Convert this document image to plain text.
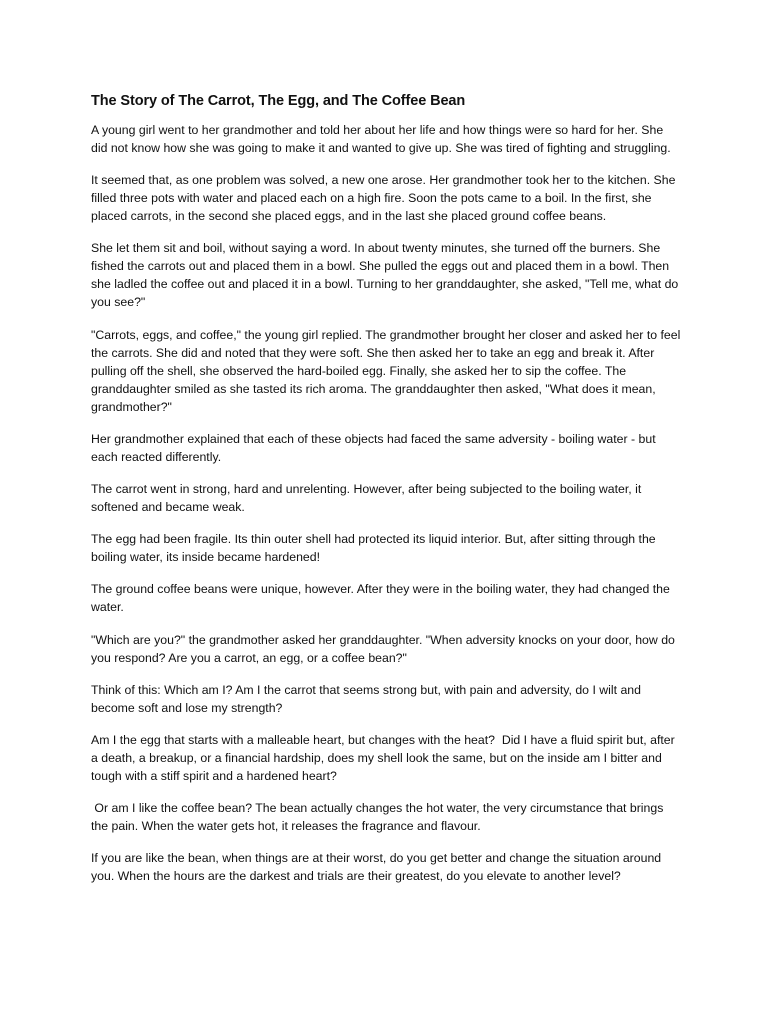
The Story of The Carrot, The Egg, and The Coffee Bean

A young girl went to her grandmother and told her about her life and how things were so hard for her. She did not know how she was going to make it and wanted to give up. She was tired of fighting and struggling.

It seemed that, as one problem was solved, a new one arose. Her grandmother took her to the kitchen. She filled three pots with water and placed each on a high fire. Soon the pots came to a boil. In the first, she placed carrots, in the second she placed eggs, and in the last she placed ground coffee beans.

She let them sit and boil, without saying a word. In about twenty minutes, she turned off the burners. She fished the carrots out and placed them in a bowl. She pulled the eggs out and placed them in a bowl. Then she ladled the coffee out and placed it in a bowl. Turning to her granddaughter, she asked, "Tell me, what do you see?"

"Carrots, eggs, and coffee," the young girl replied. The grandmother brought her closer and asked her to feel the carrots. She did and noted that they were soft. She then asked her to take an egg and break it. After pulling off the shell, she observed the hard-boiled egg. Finally, she asked her to sip the coffee. The granddaughter smiled as she tasted its rich aroma. The granddaughter then asked, "What does it mean, grandmother?"

Her grandmother explained that each of these objects had faced the same adversity - boiling water - but each reacted differently.

The carrot went in strong, hard and unrelenting. However, after being subjected to the boiling water, it softened and became weak.

The egg had been fragile. Its thin outer shell had protected its liquid interior. But, after sitting through the boiling water, its inside became hardened!

The ground coffee beans were unique, however. After they were in the boiling water, they had changed the water.

"Which are you?" the grandmother asked her granddaughter. "When adversity knocks on your door, how do you respond? Are you a carrot, an egg, or a coffee bean?"

Think of this: Which am I? Am I the carrot that seems strong but, with pain and adversity, do I wilt and become soft and lose my strength?

Am I the egg that starts with a malleable heart, but changes with the heat?  Did I have a fluid spirit but, after a death, a breakup, or a financial hardship, does my shell look the same, but on the inside am I bitter and tough with a stiff spirit and a hardened heart?

Or am I like the coffee bean? The bean actually changes the hot water, the very circumstance that brings the pain. When the water gets hot, it releases the fragrance and flavour.

If you are like the bean, when things are at their worst, do you get better and change the situation around you. When the hours are the darkest and trials are their greatest, do you elevate to another level?
